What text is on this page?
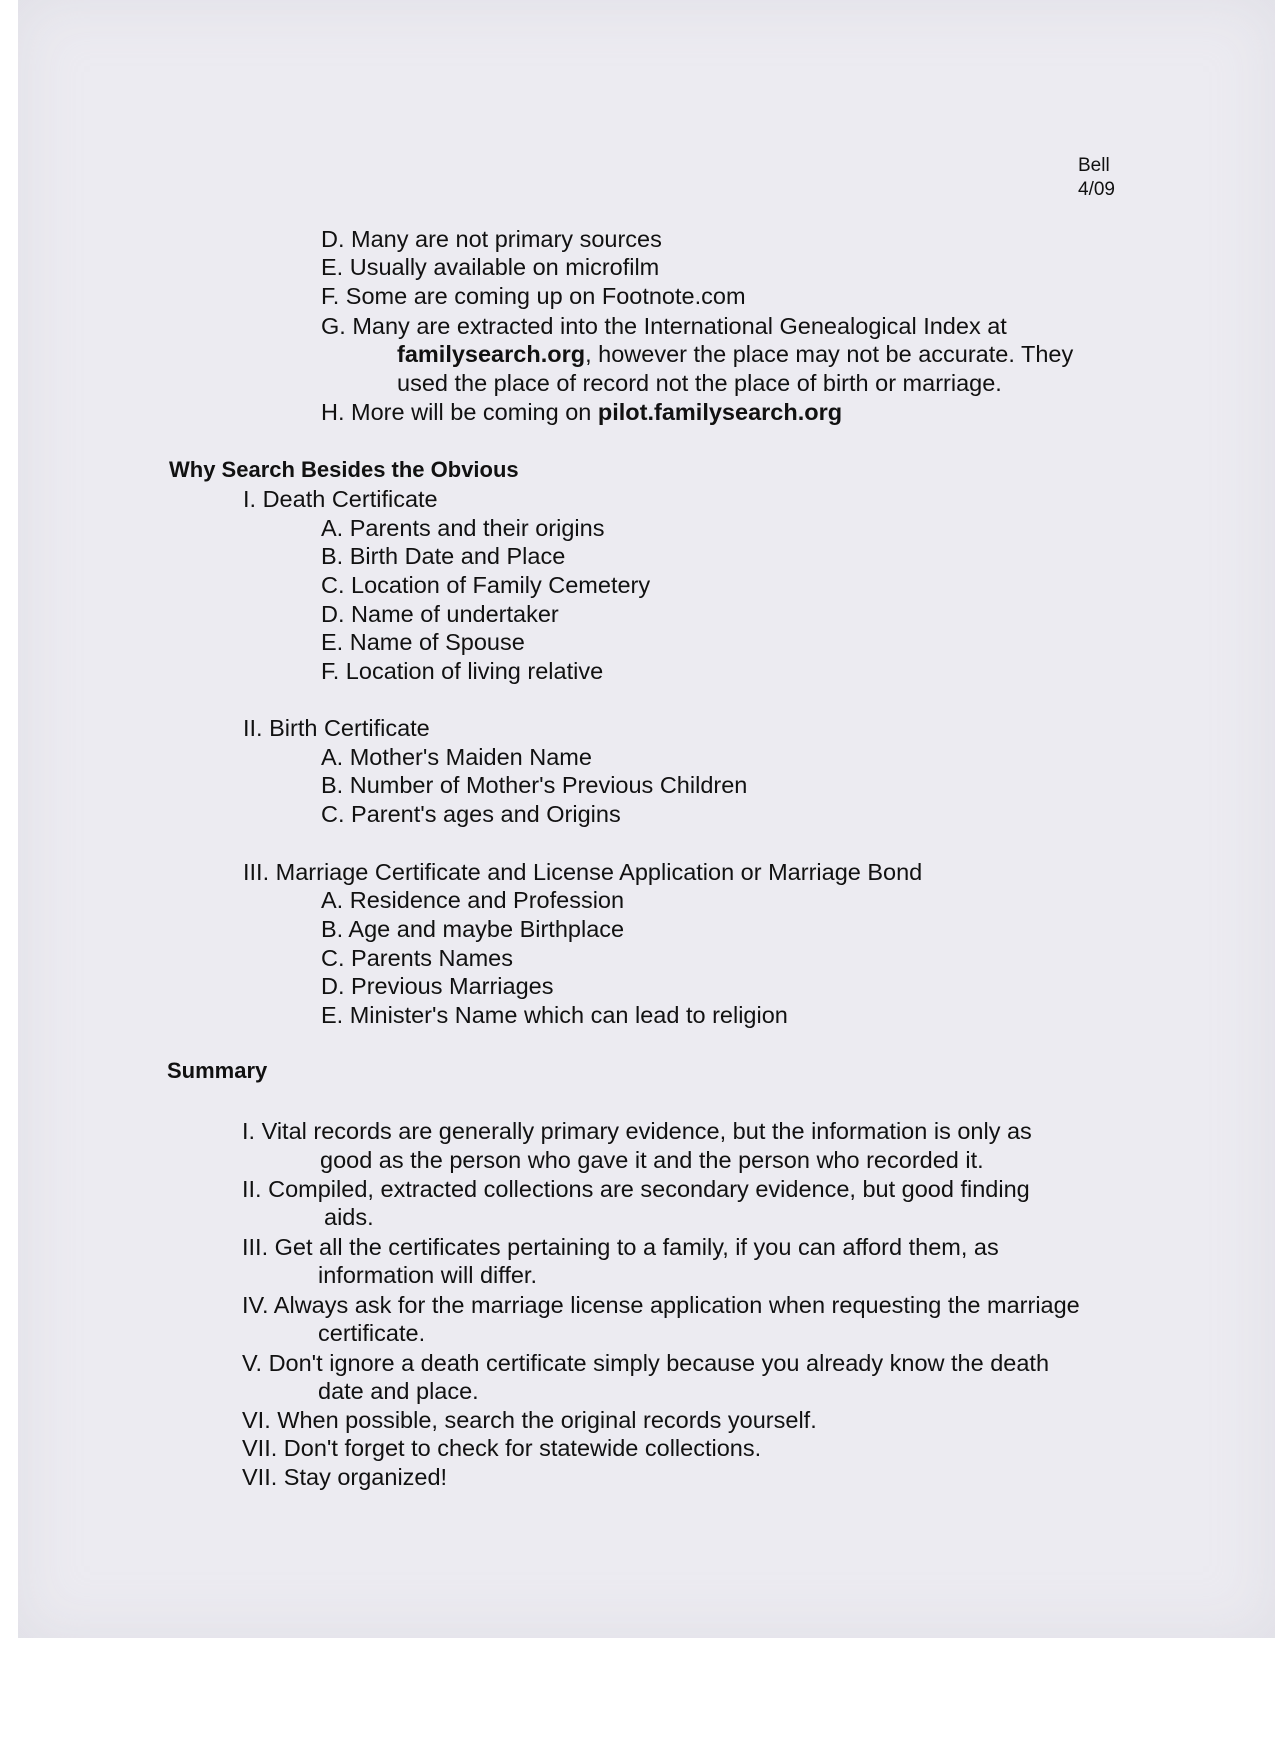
Bell
4/09
D. Many are not primary sources
E. Usually available on microfilm
F. Some are coming up on Footnote.com
G. Many are extracted into the International Genealogical Index at
familysearch.org, however the place may not be accurate. They
used the place of record not the place of birth or marriage.
H. More will be coming on pilot.familysearch.org
Why Search Besides the Obvious
I. Death Certificate
A. Parents and their origins
B. Birth Date and Place
C. Location of Family Cemetery
D. Name of undertaker
E. Name of Spouse
F. Location of living relative
II. Birth Certificate
A. Mother's Maiden Name
B. Number of Mother's Previous Children
C. Parent's ages and Origins
III. Marriage Certificate and License Application or Marriage Bond
A. Residence and Profession
B. Age and maybe Birthplace
C. Parents Names
D. Previous Marriages
E. Minister's Name which can lead to religion
Summary
I. Vital records are generally primary evidence, but the information is only as
good as the person who gave it and the person who recorded it.
II. Compiled, extracted collections are secondary evidence, but good finding
aids.
III. Get all the certificates pertaining to a family, if you can afford them, as
information will differ.
IV. Always ask for the marriage license application when requesting the marriage
certificate.
V. Don't ignore a death certificate simply because you already know the death
date and place.
VI. When possible, search the original records yourself.
VII. Don't forget to check for statewide collections.
VII. Stay organized!
